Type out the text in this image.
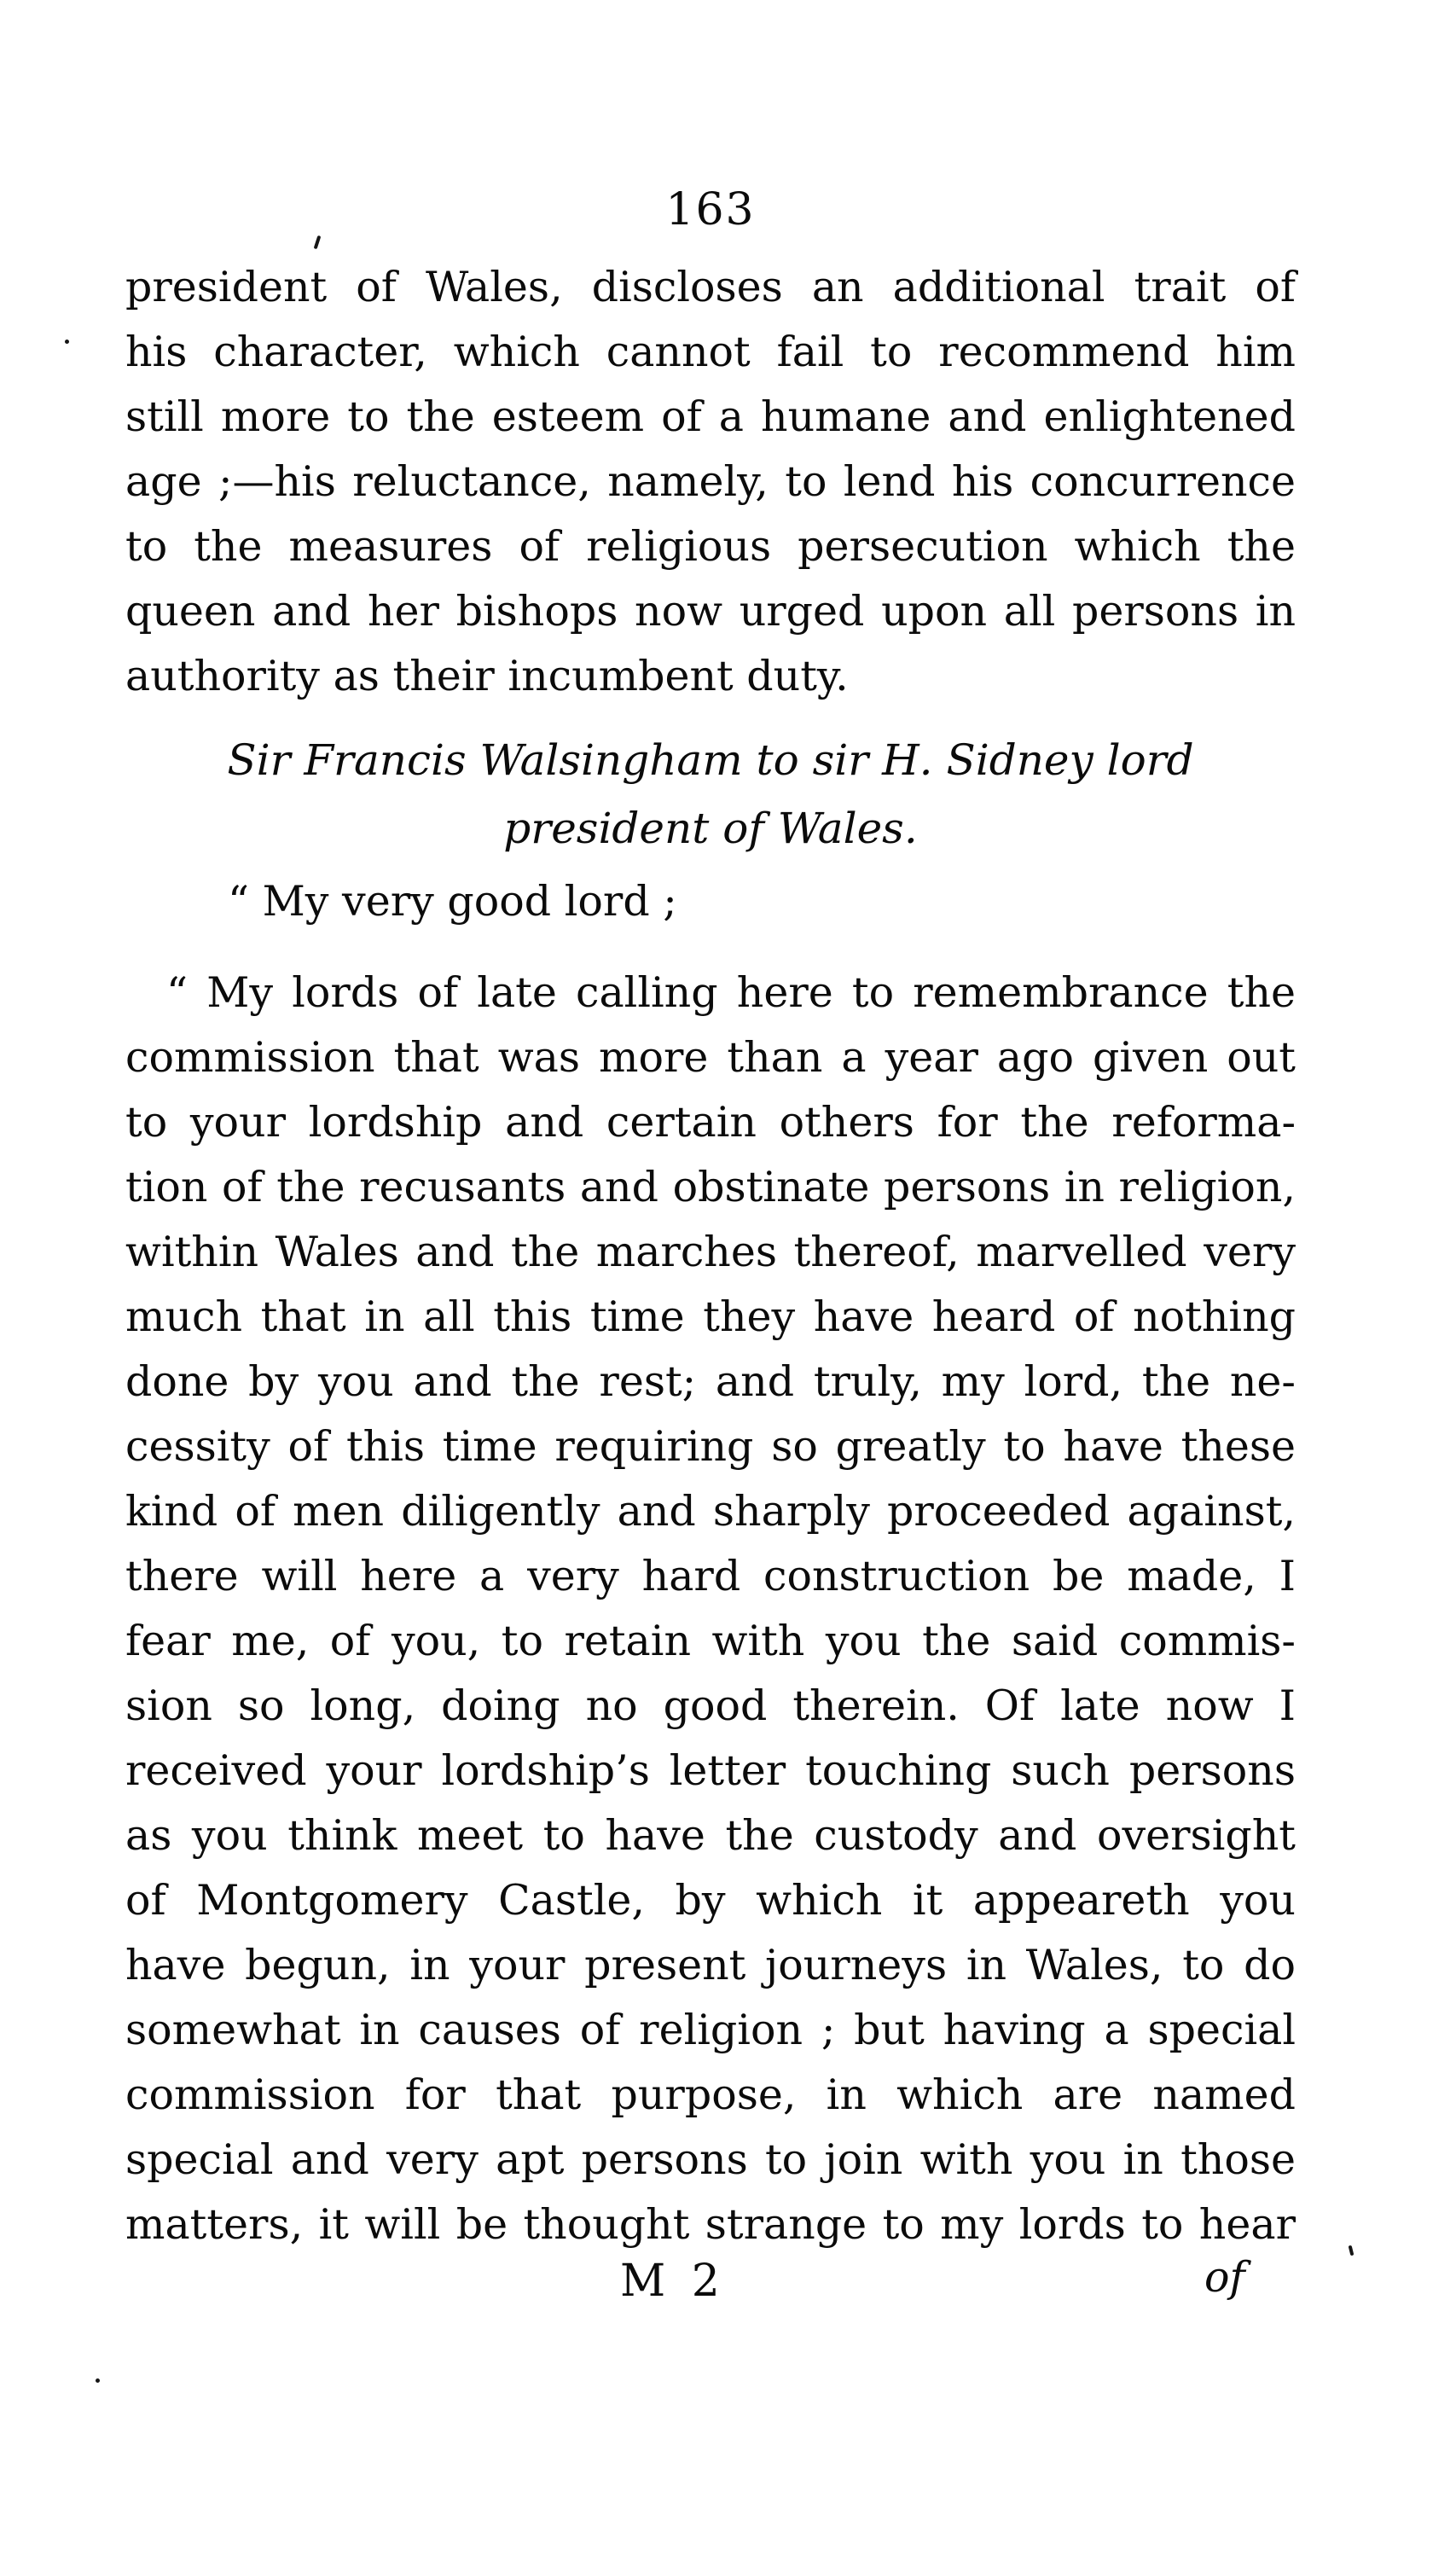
163
president of Wales, discloses an additional trait of
his character, which cannot fail to recommend him
still more to the esteem of a humane and enlightened
age ;—his reluctance, namely, to lend his concurrence
to the measures of religious persecution which the
queen and her bishops now urged upon all persons in
authority as their incumbent duty.
Sir Francis Walsingham to sir H. Sidney lord
president of Wales.
“ My very good lord ;
“ My lords of late calling here to remembrance the
commission that was more than a year ago given out
to your lordship and certain others for the reforma-
tion of the recusants and obstinate persons in religion,
within Wales and the marches thereof, marvelled very
much that in all this time they have heard of nothing
done by you and the rest; and truly, my lord, the ne-
cessity of this time requiring so greatly to have these
kind of men diligently and sharply proceeded against,
there will here a very hard construction be made, I
fear me, of you, to retain with you the said commis-
sion so long, doing no good therein. Of late now I
received your lordship’s letter touching such persons
as you think meet to have the custody and oversight
of Montgomery Castle, by which it appeareth you
have begun, in your present journeys in Wales, to do
somewhat in causes of religion ; but having a special
commission for that purpose, in which are named
special and very apt persons to join with you in those
matters, it will be thought strange to my lords to hear
M 2	of
